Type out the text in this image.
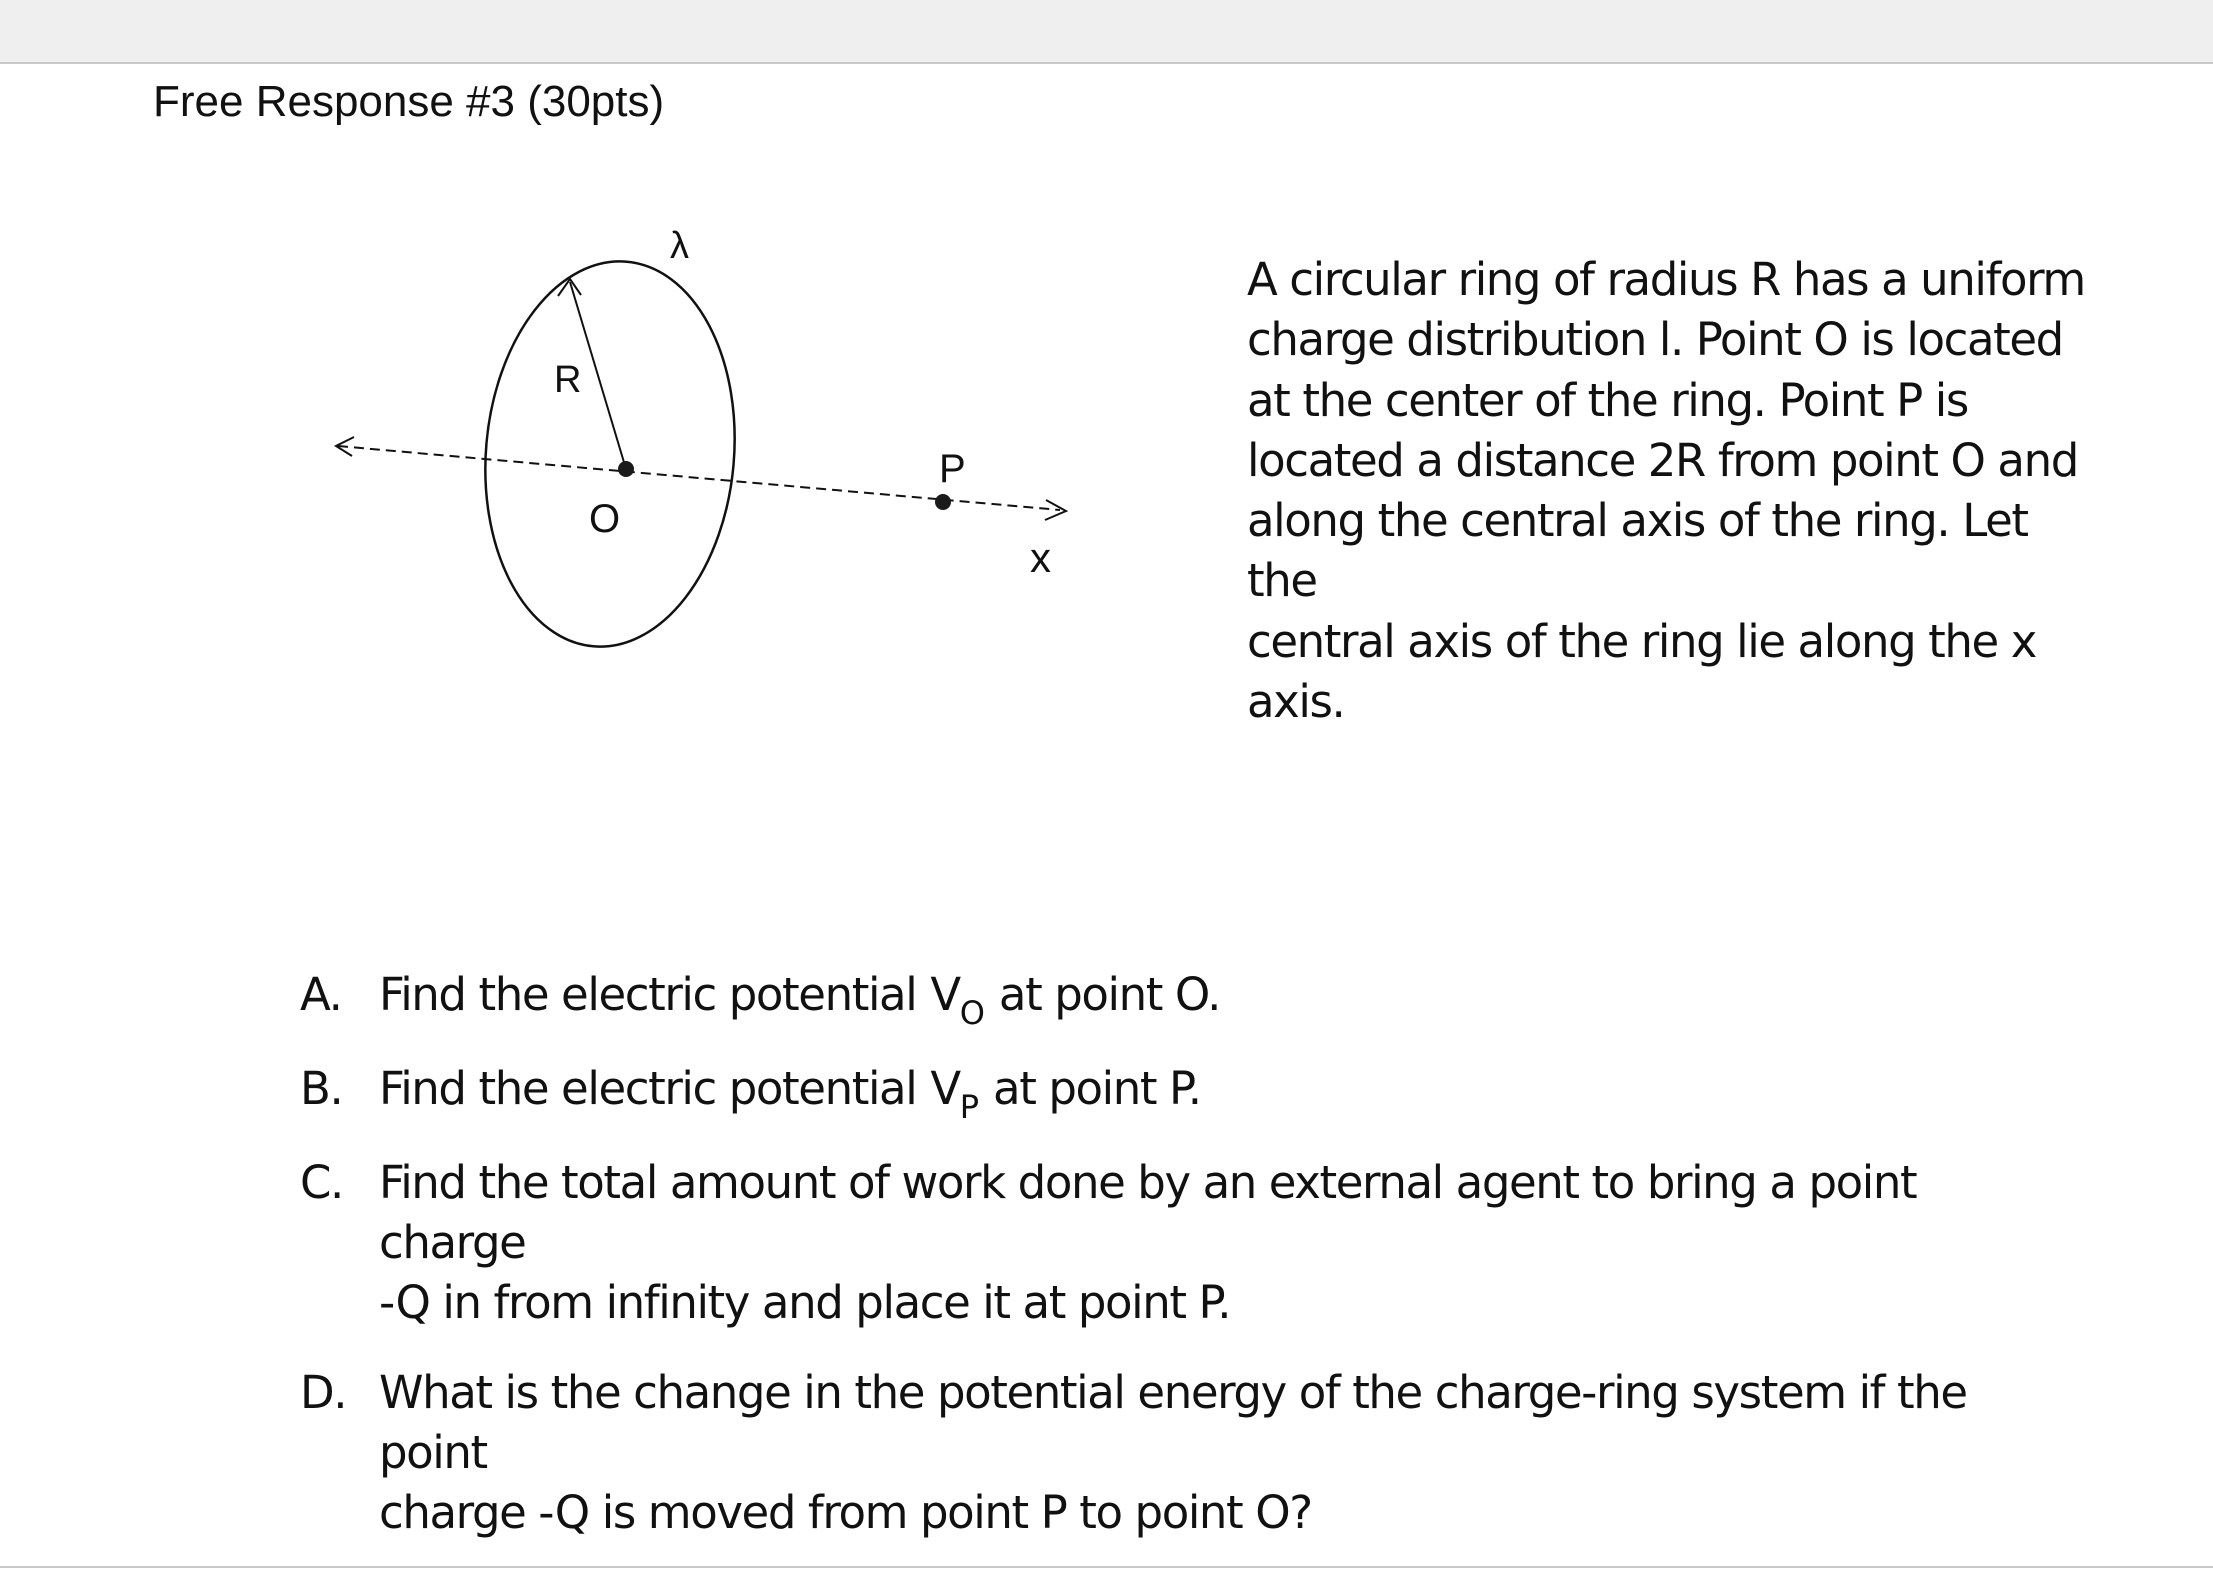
Free Response #3 (30pts)
λ
R
O
P
x
A circular ring of radius R has a uniform
charge distribution l. Point O is located
at the center of the ring. Point P is
located a distance 2R from point O and
along the central axis of the ring. Let the
central axis of the ring lie along the x
axis.
A. Find the electric potential $V_O$ at point O.
B. Find the electric potential $V_P$ at point P.
C. Find the total amount of work done by an external agent to bring a point charge
-Q in from infinity and place it at point P.
D. What is the change in the potential energy of the charge-ring system if the point
charge -Q is moved from point P to point O?
